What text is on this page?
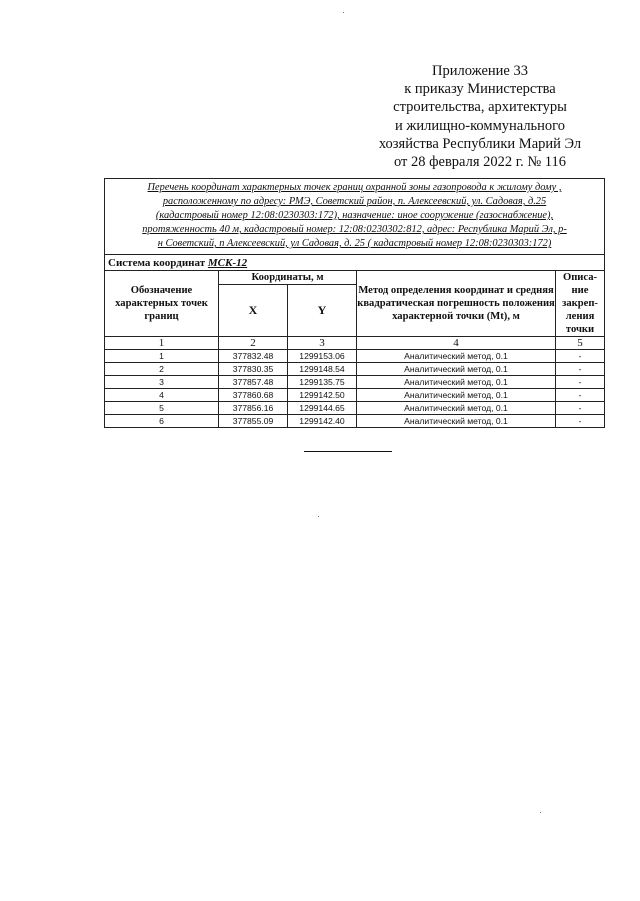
Приложение 33
к приказу Министерства
строительства, архитектуры
и жилищно-коммунального
хозяйства Республики Марий Эл
от 28 февраля 2022 г. № 116
Перечень координат характерных точек границ охранной зоны газопровода к жилому дому ,
расположенному по адресу: РМЭ, Советский район, п. Алексеевский, ул. Садовая, д.25
(кадастровый номер 12:08:0230303:172), назначение: иное сооружение (газоснабжение),
протяженность 40 м, кадастровый номер: 12:08:0230302:812, адрес: Республика Марий Эл, р-
н Советский, п Алексеевский, ул Садовая, д. 25 ( кадастровый номер 12:08:0230303:172)				

Система координат МСК-12				
Обозначение характерных точек границ	Координаты, м		Метод определения координат и средняя квадратическая погрешность положения характерной точки (Mt), м	Описа-ние закреп-ления точки
	X	Y		
1	2	3	4	5
1	377832.48	1299153.06	Аналитический метод, 0.1	-
2	377830.35	1299148.54	Аналитический метод, 0.1	-
3	377857.48	1299135.75	Аналитический метод, 0.1	-
4	377860.68	1299142.50	Аналитический метод, 0.1	-
5	377856.16	1299144.65	Аналитический метод, 0.1	-
6	377855.09	1299142.40	Аналитический метод, 0.1	-
